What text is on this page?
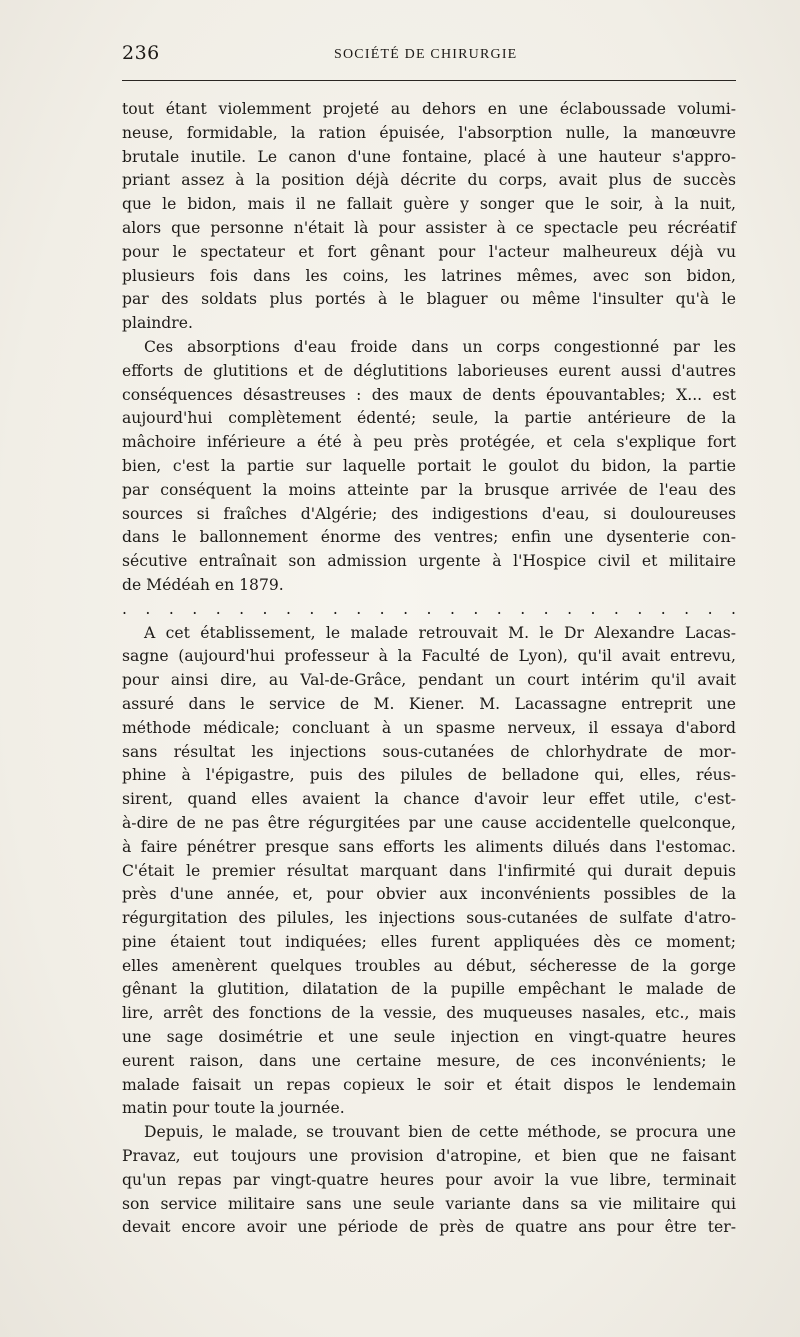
236	SOCIÉTÉ DE CHIRURGIE
tout étant violemment projeté au dehors en une éclaboussade volumi-
neuse, formidable, la ration épuisée, l'absorption nulle, la manœuvre
brutale inutile. Le canon d'une fontaine, placé à une hauteur s'appro-
priant assez à la position déjà décrite du corps, avait plus de succès
que le bidon, mais il ne fallait guère y songer que le soir, à la nuit,
alors que personne n'était là pour assister à ce spectacle peu récréatif
pour le spectateur et fort gênant pour l'acteur malheureux déjà vu
plusieurs fois dans les coins, les latrines mêmes, avec son bidon,
par des soldats plus portés à le blaguer ou même l'insulter qu'à le
plaindre.
Ces absorptions d'eau froide dans un corps congestionné par les
efforts de glutitions et de déglutitions laborieuses eurent aussi d'autres
conséquences désastreuses : des maux de dents épouvantables; X... est
aujourd'hui complètement édenté; seule, la partie antérieure de la
mâchoire inférieure a été à peu près protégée, et cela s'explique fort
bien, c'est la partie sur laquelle portait le goulot du bidon, la partie
par conséquent la moins atteinte par la brusque arrivée de l'eau des
sources si fraîches d'Algérie; des indigestions d'eau, si douloureuses
dans le ballonnement énorme des ventres; enfin une dysenterie con-
sécutive entraînait son admission urgente à l'Hospice civil et militaire
de Médéah en 1879.
. . . . . . . . . . . . . . . . . . . . . . . . . . .
A cet établissement, le malade retrouvait M. le Dr Alexandre Lacas-
sagne (aujourd'hui professeur à la Faculté de Lyon), qu'il avait entrevu,
pour ainsi dire, au Val-de-Grâce, pendant un court intérim qu'il avait
assuré dans le service de M. Kiener. M. Lacassagne entreprit une
méthode médicale; concluant à un spasme nerveux, il essaya d'abord
sans résultat les injections sous-cutanées de chlorhydrate de mor-
phine à l'épigastre, puis des pilules de belladone qui, elles, réus-
sirent, quand elles avaient la chance d'avoir leur effet utile, c'est-
à-dire de ne pas être régurgitées par une cause accidentelle quelconque,
à faire pénétrer presque sans efforts les aliments dilués dans l'estomac.
C'était le premier résultat marquant dans l'infirmité qui durait depuis
près d'une année, et, pour obvier aux inconvénients possibles de la
régurgitation des pilules, les injections sous-cutanées de sulfate d'atro-
pine étaient tout indiquées; elles furent appliquées dès ce moment;
elles amenèrent quelques troubles au début, sécheresse de la gorge
gênant la glutition, dilatation de la pupille empêchant le malade de
lire, arrêt des fonctions de la vessie, des muqueuses nasales, etc., mais
une sage dosimétrie et une seule injection en vingt-quatre heures
eurent raison, dans une certaine mesure, de ces inconvénients; le
malade faisait un repas copieux le soir et était dispos le lendemain
matin pour toute la journée.
Depuis, le malade, se trouvant bien de cette méthode, se procura une
Pravaz, eut toujours une provision d'atropine, et bien que ne faisant
qu'un repas par vingt-quatre heures pour avoir la vue libre, terminait
son service militaire sans une seule variante dans sa vie militaire qui
devait encore avoir une période de près de quatre ans pour être ter-
